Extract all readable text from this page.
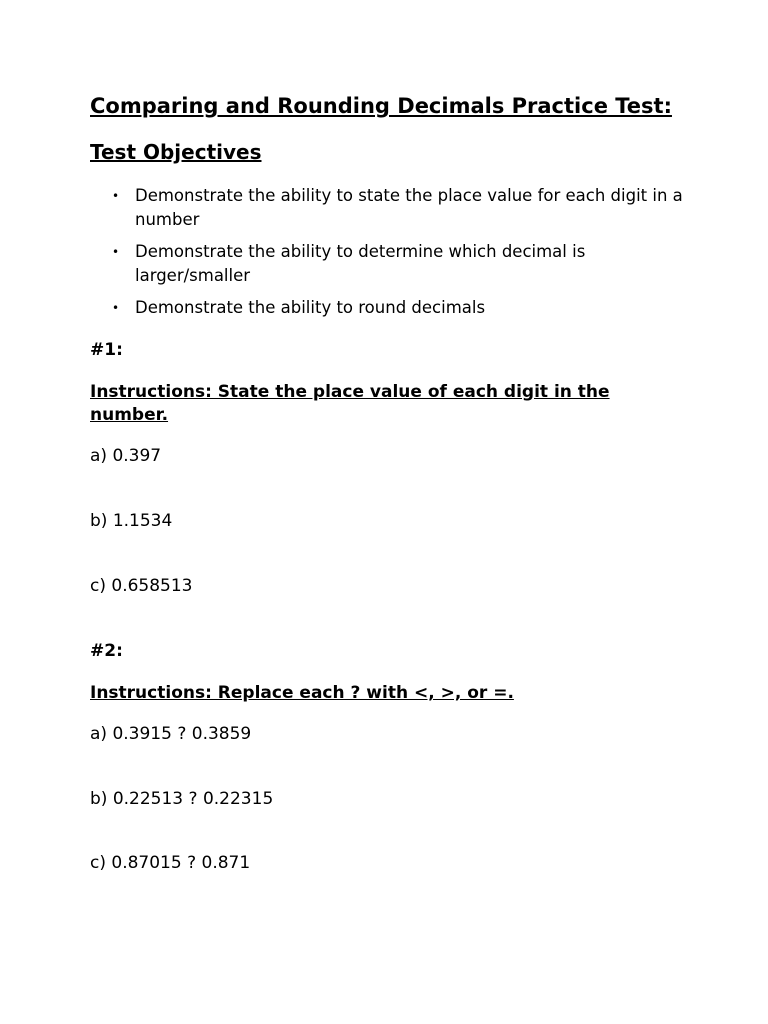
Comparing and Rounding Decimals Practice Test:
Test Objectives
• Demonstrate the ability to state the place value for each digit in a number
• Demonstrate the ability to determine which decimal is larger/smaller
• Demonstrate the ability to round decimals

#1:

Instructions: State the place value of each digit in the number.

a) 0.397

b) 1.1534

c) 0.658513

#2:

Instructions: Replace each ? with <, >, or =.

a) 0.3915 ? 0.3859

b) 0.22513 ? 0.22315

c) 0.87015 ? 0.871
